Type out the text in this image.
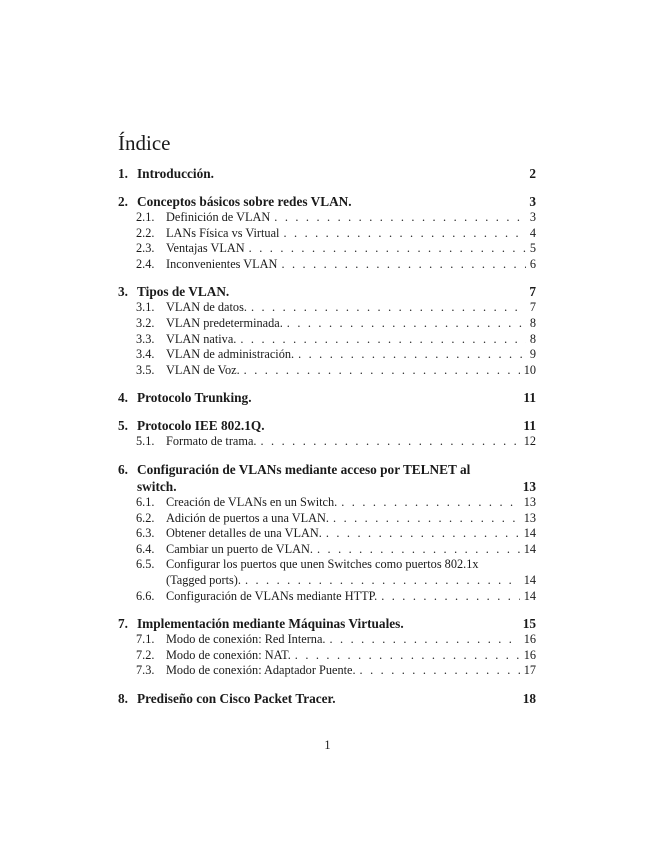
Índice
1. Introducción.	2
2. Conceptos básicos sobre redes VLAN.	3
2.1. Definición de VLAN . . .	3
2.2. LANs Física vs Virtual . . .	4
2.3. Ventajas VLAN . . .	5
2.4. Inconvenientes VLAN . . .	6
3. Tipos de VLAN.	7
3.1. VLAN de datos. . . .	7
3.2. VLAN predeterminada. . . .	8
3.3. VLAN nativa. . . .	8
3.4. VLAN de administración. . . .	9
3.5. VLAN de Voz. . . .	10
4. Protocolo Trunking.	11
5. Protocolo IEE 802.1Q.	11
5.1. Formato de trama. . . .	12
6. Configuración de VLANs mediante acceso por TELNET al
switch.	13
6.1. Creación de VLANs en un Switch. . . .	13
6.2. Adición de puertos a una VLAN. . . .	13
6.3. Obtener detalles de una VLAN. . . .	14
6.4. Cambiar un puerto de VLAN. . . .	14
6.5. Configurar los puertos que unen Switches como puertos 802.1x
(Tagged ports). . . .	14
6.6. Configuración de VLANs mediante HTTP. . . .	14
7. Implementación mediante Máquinas Virtuales.	15
7.1. Modo de conexión: Red Interna. . . .	16
7.2. Modo de conexión: NAT. . . .	16
7.3. Modo de conexión: Adaptador Puente. . . .	17
8. Prediseño con Cisco Packet Tracer.	18
1
